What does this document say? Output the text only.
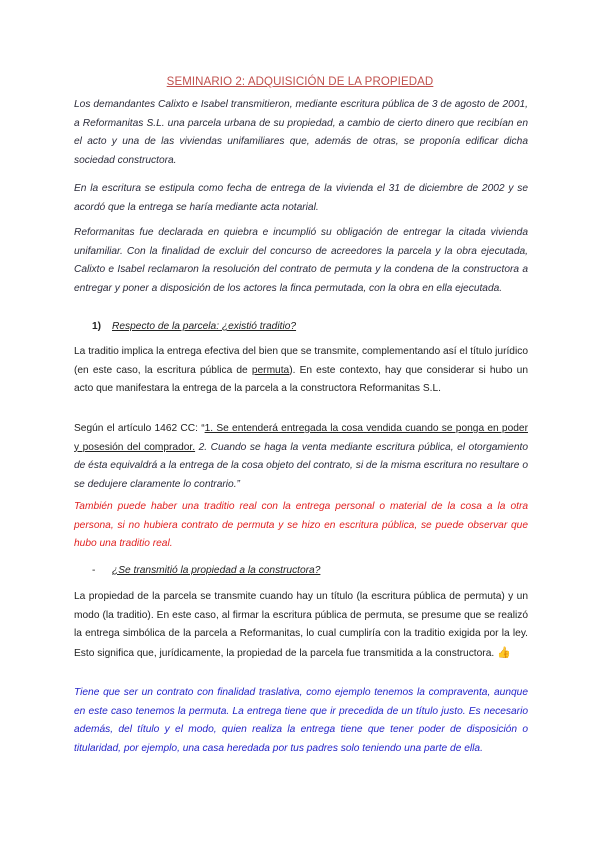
SEMINARIO 2: ADQUISICIÓN DE LA PROPIEDAD

Los demandantes Calixto e Isabel transmitieron, mediante escritura pública de 3 de agosto de 2001, a Reformanitas S.L. una parcela urbana de su propiedad, a cambio de cierto dinero que recibían en el acto y una de las viviendas unifamiliares que, además de otras, se proponía edificar dicha sociedad constructora.

En la escritura se estipula como fecha de entrega de la vivienda el 31 de diciembre de 2002 y se acordó que la entrega se haría mediante acta notarial.

Reformanitas fue declarada en quiebra e incumplió su obligación de entregar la citada vivienda unifamiliar. Con la finalidad de excluir del concurso de acreedores la parcela y la obra ejecutada, Calixto e Isabel reclamaron la resolución del contrato de permuta y la condena de la constructora a entregar y poner a disposición de los actores la finca permutada, con la obra en ella ejecutada.

1) Respecto de la parcela: ¿existió traditio?

La traditio implica la entrega efectiva del bien que se transmite, complementando así el título jurídico (en este caso, la escritura pública de permuta). En este contexto, hay que considerar si hubo un acto que manifestara la entrega de la parcela a la constructora Reformanitas S.L.

Según el artículo 1462 CC: “1. Se entenderá entregada la cosa vendida cuando se ponga en poder y posesión del comprador. 2. Cuando se haga la venta mediante escritura pública, el otorgamiento de ésta equivaldrá a la entrega de la cosa objeto del contrato, si de la misma escritura no resultare o se dedujere claramente lo contrario.”

También puede haber una traditio real con la entrega personal o material de la cosa a la otra persona, si no hubiera contrato de permuta y se hizo en escritura pública, se puede observar que hubo una traditio real.

- ¿Se transmitió la propiedad a la constructora?

La propiedad de la parcela se transmite cuando hay un título (la escritura pública de permuta) y un modo (la traditio). En este caso, al firmar la escritura pública de permuta, se presume que se realizó la entrega simbólica de la parcela a Reformanitas, lo cual cumpliría con la traditio exigida por la ley. Esto significa que, jurídicamente, la propiedad de la parcela fue transmitida a la constructora. 👍

Tiene que ser un contrato con finalidad traslativa, como ejemplo tenemos la compraventa, aunque en este caso tenemos la permuta. La entrega tiene que ir precedida de un título justo. Es necesario además, del título y el modo, quien realiza la entrega tiene que tener poder de disposición o titularidad, por ejemplo, una casa heredada por tus padres solo teniendo una parte de ella.
